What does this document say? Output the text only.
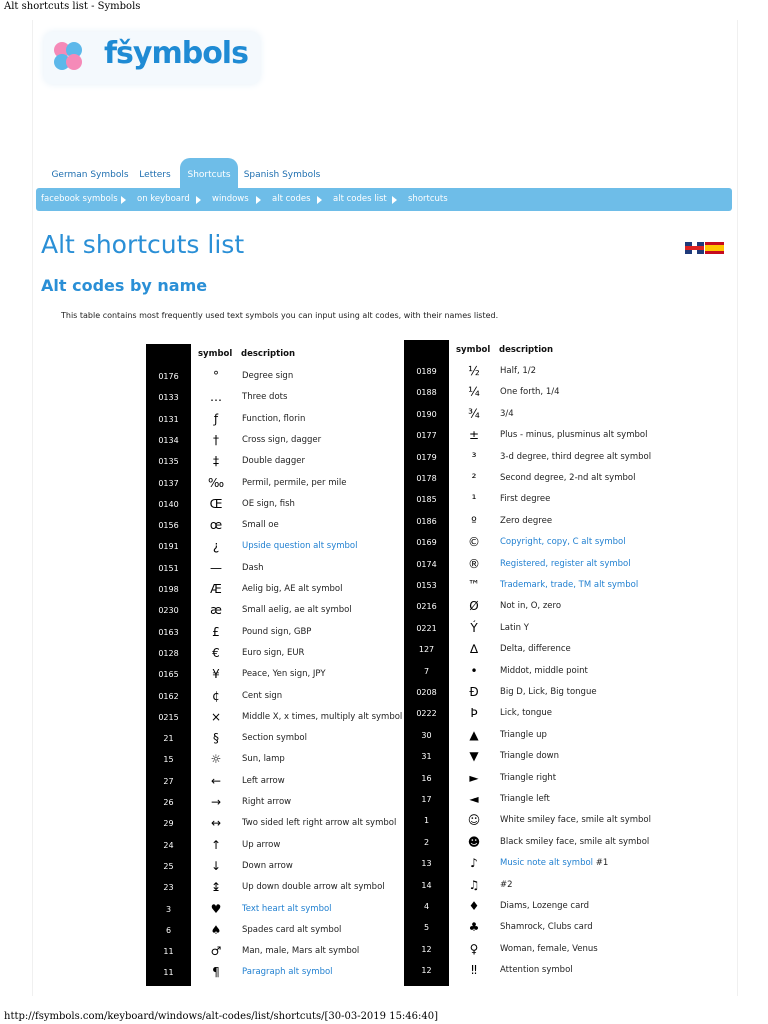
Alt shortcuts list - Symbols
fšymbols
German Symbols	Letters	Shortcuts	Spanish Symbols
facebook symbols on keyboard	windows	alt codes	alt codes list	shortcuts
Alt shortcuts list
Alt codes by name
This table contains most frequently used text symbols you can input using alt codes, with their names listed.
symbol description	symbol description
0176	°	Degree sign
0133	…	Three dots
0131	ƒ	Function, florin
0134	†	Cross sign, dagger
0135	‡	Double dagger
0137	‰	Permil, permile, per mile
0140	Œ	OE sign, fish
0156	œ	Small oe
0191	¿	Upside question alt symbol
0151	—	Dash
0198	Æ	Aelig big, AE alt symbol
0230	æ	Small aelig, ae alt symbol
0163	£	Pound sign, GBP
0128	€	Euro sign, EUR
0165	¥	Peace, Yen sign, JPY
0162	¢	Cent sign
0215	×	Middle X, x times, multiply alt symbol
21	§	Section symbol
15	☼	Sun, lamp
27	←	Left arrow
26	→	Right arrow
29	↔	Two sided left right arrow alt symbol
24	↑	Up arrow
25	↓	Down arrow
23	↨	Up down double arrow alt symbol
3	♥	Text heart alt symbol
6	♠	Spades card alt symbol
11	♂	Man, male, Mars alt symbol
11	¶	Paragraph alt symbol
0189	½	Half, 1/2
0188	¼	One forth, 1/4
0190	¾	3/4
0177	±	Plus - minus, plusminus alt symbol
0179	³	3-d degree, third degree alt symbol
0178	²	Second degree, 2-nd alt symbol
0185	¹	First degree
0186	º	Zero degree
0169	©	Copyright, copy, C alt symbol
0174	®	Registered, register alt symbol
0153	™	Trademark, trade, TM alt symbol
0216	Ø	Not in, O, zero
0221	Ý	Latin Y
127	∆	Delta, difference
7	•	Middot, middle point
0208	Ð	Big D, Lick, Big tongue
0222	Þ	Lick, tongue
30	▲	Triangle up
31	▼	Triangle down
16	►	Triangle right
17	◄	Triangle left
1	☺	White smiley face, smile alt symbol
2	☻	Black smiley face, smile alt symbol
13	♪	Music note alt symbol #1
14	♫	#2
4	♦	Diams, Lozenge card
5	♣	Shamrock, Clubs card
12	♀	Woman, female, Venus
12	‼	Attention symbol
http://fsymbols.com/keyboard/windows/alt-codes/list/shortcuts/[30-03-2019 15:46:40]
